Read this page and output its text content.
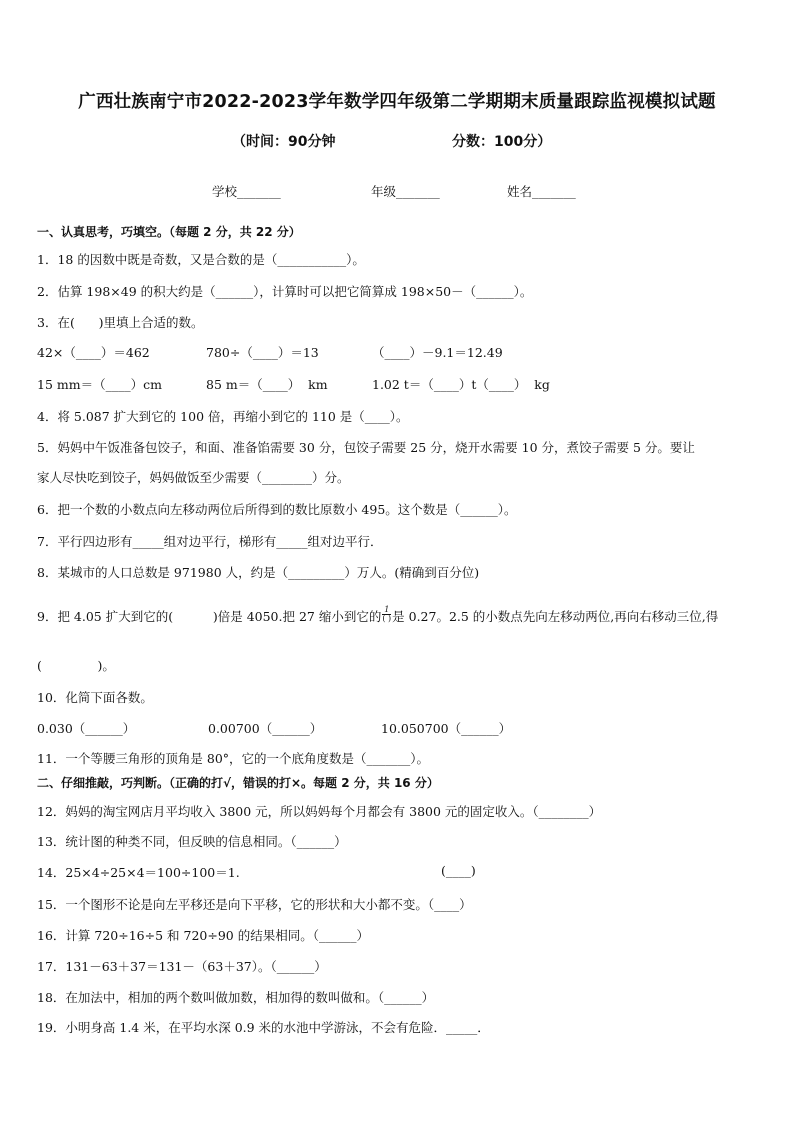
广西壮族南宁市2022-2023学年数学四年级第二学期期末质量跟踪监视模拟试题
（时间：90分钟	分数：100分）
学校_______	年级_______	姓名_______
一、认真思考，巧填空。（每题 2 分，共 22 分）
1．18 的因数中既是奇数，又是合数的是（___________）。
2．估算 198×49 的积大约是（______），计算时可以把它简算成 198×50－（______）。
3．在(      )里填上合适的数。
42×（____）＝462	780÷（____）＝13	（____）－9.1＝12.49
15 mm＝（____）cm	85 m＝（____）  km	1.02 t＝（____）t（____）  kg
4．将 5.087 扩大到它的 100 倍，再缩小到它的 110 是（____）。
5．妈妈中午饭准备包饺子，和面、准备馅需要 30 分，包饺子需要 25 分，烧开水需要 10 分，煮饺子需要 5 分。要让
家人尽快吃到饺子，妈妈做饭至少需要（________）分。
6．把一个数的小数点向左移动两位后所得到的数比原数小 495。这个数是（______）。
7．平行四边形有_____组对边平行，梯形有_____组对边平行．
8．某城市的人口总数是 971980 人，约是（_________）万人。(精确到百分位)
9．把 4.05 扩大到它的(          )倍是 4050.把 27 缩小到它的 $\frac{1}{( )}$ 是 0.27。2.5 的小数点先向左移动两位,再向右移动三位,得
(              )。
10．化简下面各数。
0.030（______）	0.00700（______）	10.050700（______）
11．一个等腰三角形的顶角是 80°，它的一个底角度数是（_______）。
二、仔细推敲，巧判断。（正确的打√，错误的打×。每题 2 分，共 16 分）
12．妈妈的淘宝网店月平均收入 3800 元，所以妈妈每个月都会有 3800 元的固定收入。（________）
13．统计图的种类不同，但反映的信息相同。（______）
14．25×4÷25×4＝100÷100＝1.	(____)
15．一个图形不论是向左平移还是向下平移，它的形状和大小都不变。（____）
16．计算 720÷16÷5 和 720÷90 的结果相同。（______）
17．131－63＋37＝131－（63＋37）。（______）
18．在加法中，相加的两个数叫做加数，相加得的数叫做和。（______）
19．小明身高 1.4 米，在平均水深 0.9 米的水池中学游泳，不会有危险．_____．
